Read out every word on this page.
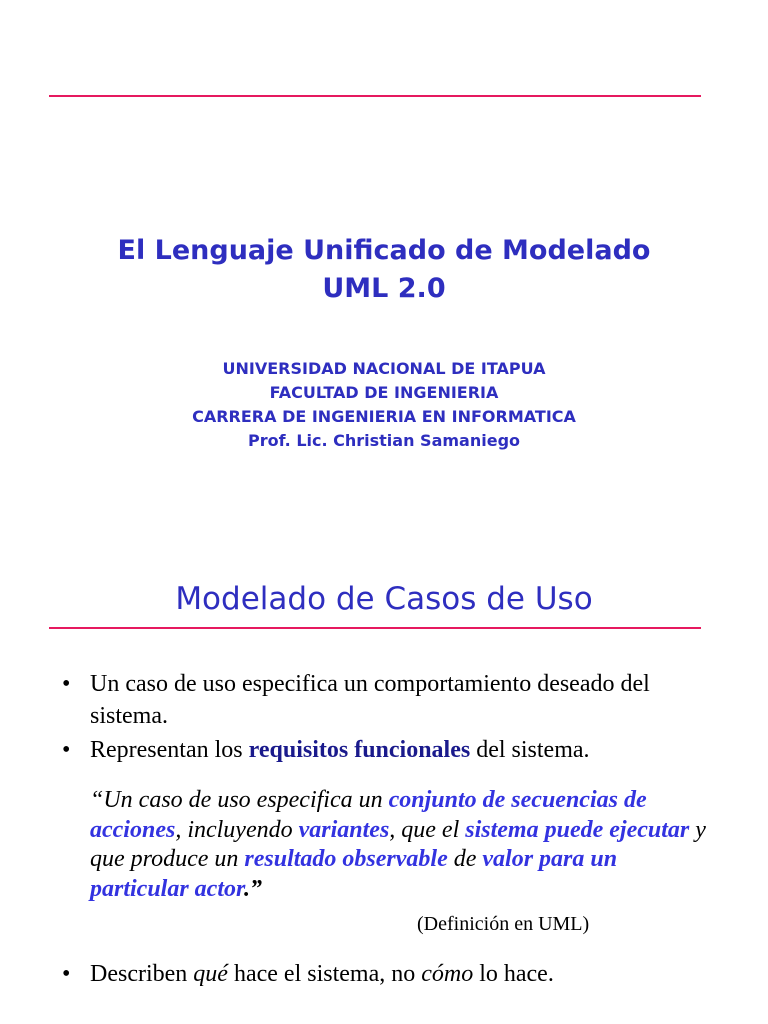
El Lenguaje Unificado de Modelado
UML 2.0
UNIVERSIDAD NACIONAL DE ITAPUA
FACULTAD DE INGENIERIA
CARRERA DE INGENIERIA EN INFORMATICA
Prof. Lic. Christian Samaniego
Modelado de Casos de Uso
• Un caso de uso especifica un comportamiento deseado del sistema.
• Representan los requisitos funcionales del sistema.
“Un caso de uso especifica un conjunto de secuencias de acciones, incluyendo variantes, que el sistema puede ejecutar y que produce un resultado observable de valor para un particular actor.”
(Definición en UML)
• Describen qué hace el sistema, no cómo lo hace.
